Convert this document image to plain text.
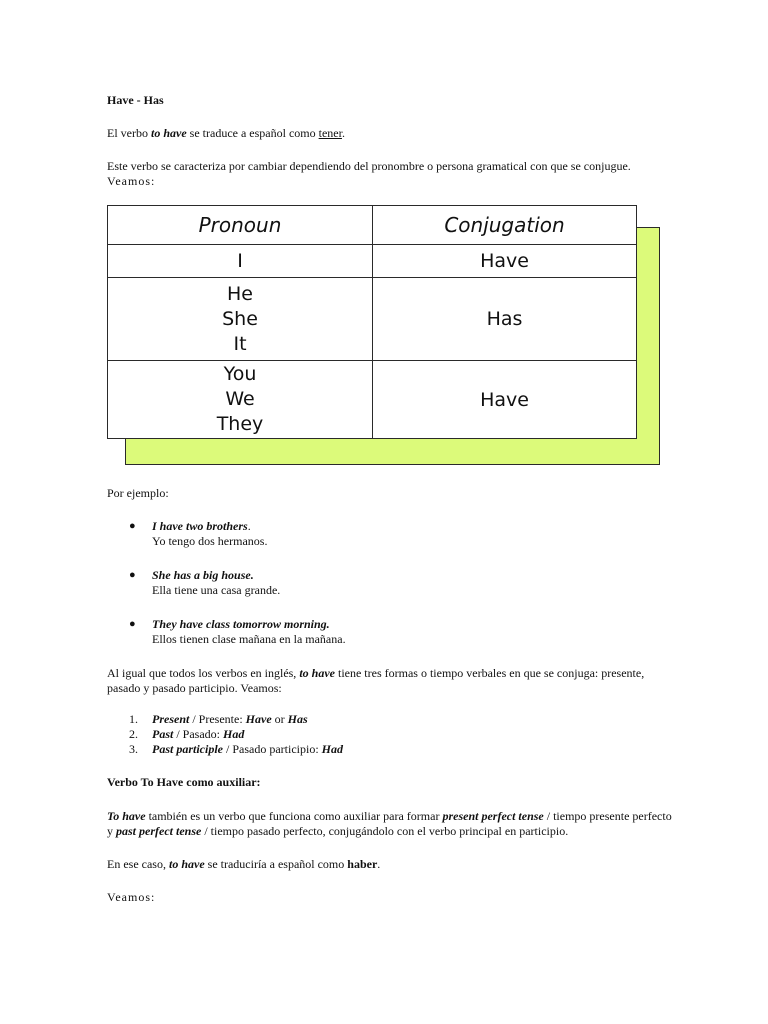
Have - Has

El verbo to have se traduce a español como tener.

Este verbo se caracteriza por cambiar dependiendo del pronombre o persona gramatical con que se conjugue.

Veamos:

Pronoun	Conjugation

I	Have

He
She
It	Has

You
We
They	Have

Por ejemplo:

● I have two brothers.
Yo tengo dos hermanos.
● She has a big house.
Ella tiene una casa grande.
● They have class tomorrow morning.
Ellos tienen clase mañana en la mañana.

Al igual que todos los verbos en inglés, to have tiene tres formas o tiempo verbales en que se conjuga: presente, pasado y pasado participio. Veamos:

1. Present / Presente: Have or Has
2. Past / Pasado: Had
3. Past participle / Pasado participio: Had

Verbo To Have como auxiliar:

To have también es un verbo que funciona como auxiliar para formar present perfect tense / tiempo presente perfecto y past perfect tense / tiempo pasado perfecto, conjugándolo con el verbo principal en participio.

En ese caso, to have se traduciría a español como haber.

Veamos:
